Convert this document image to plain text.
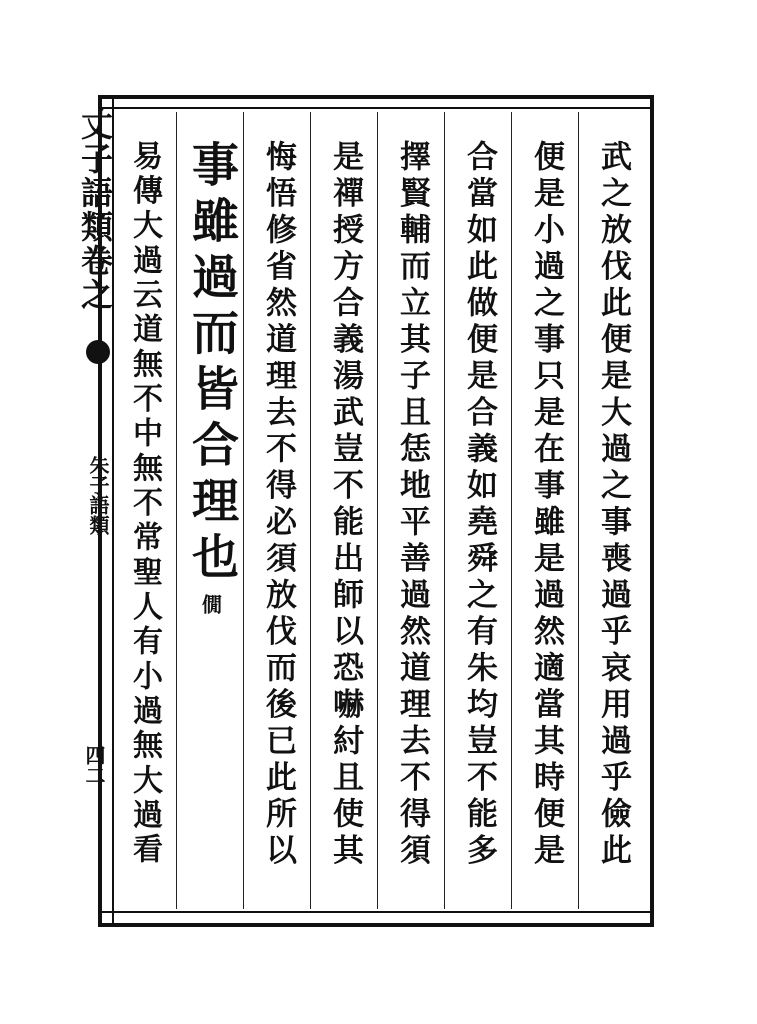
丈子語類卷之
朱子語類
四二	武之放伐此便是大過之事喪過乎哀用過乎儉此
便是小過之事只是在事雖是過然適當其時便是
合當如此做便是合義如堯舜之有朱均豈不能多
擇賢輔而立其子且恁地平善過然道理去不得須
是禪授方合義湯武豈不能出師以恐嚇紂且使其
悔悟修省然道理去不得必須放伐而後已此所以
事雖過而皆合理也
僩
易傳大過云道無不中無不常聖人有小過無大過看
